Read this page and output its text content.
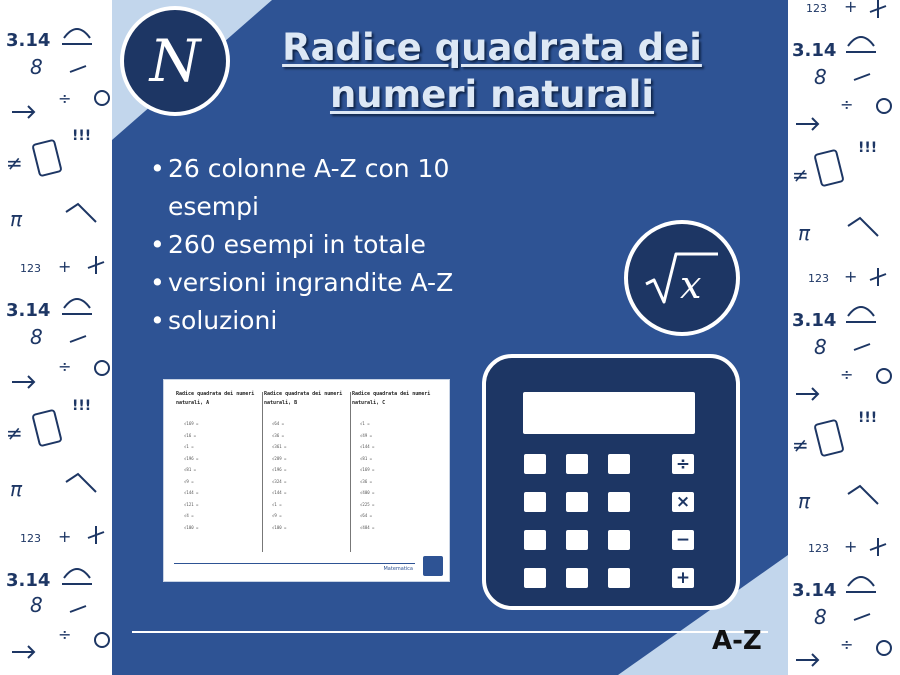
3.14
8
÷
!!!
≠
π
123 +
3.14
8
÷
!!!
≠
π
123 +
3.14
8
÷
123 +
3.14
8
÷
!!!
≠
π
123 +
3.14
8
÷
!!!
≠
π
123 +
3.14
8
÷
N	Radice quadrata dei numeri naturali
• 26 colonne A-Z con 10 esempi
• 260 esempi in totale
• versioni ingrandite A-Z
• soluzioni
x
Radice quadrata dei numeri naturali, A
√169 =
√16 =
√1 =
√196 =
√81 =
√9 =
√144 =
√121 =
√4 =
√100 =
Radice quadrata dei numeri naturali, B
√64 =
√36 =
√361 =
√289 =
√196 =
√324 =
√144 =
√1 =
√9 =
√100 =
Radice quadrata dei numeri naturali, C
√1 =
√49 =
√144 =
√81 =
√169 =
√36 =
√400 =
√225 =
√64 =
√484 =
Matematica
÷
×
−
+
A-Z
